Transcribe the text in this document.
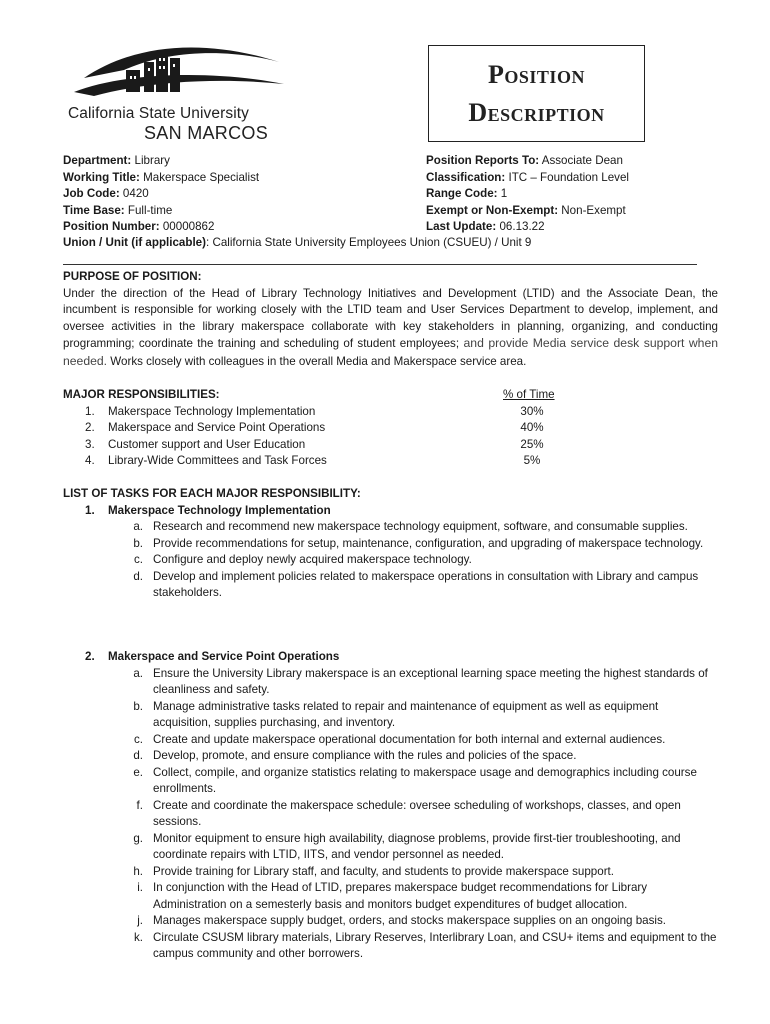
California State University
SAN MARCOS
Position
Description
Department: Library
Working Title: Makerspace Specialist
Job Code: 0420
Time Base: Full-time
Position Number: 00000862
Position Reports To: Associate Dean
Classification: ITC – Foundation Level
Range Code: 1
Exempt or Non-Exempt: Non-Exempt
Last Update: 06.13.22
Union / Unit (if applicable): California State University Employees Union (CSUEU) / Unit 9
PURPOSE OF POSITION:
Under the direction of the Head of Library Technology Initiatives and Development (LTID) and the Associate Dean, the incumbent is responsible for working closely with the LTID team and User Services Department to develop, implement, and oversee activities in the library makerspace collaborate with key stakeholders in planning, organizing, and conducting programming; coordinate the training and scheduling of student employees; and provide Media service desk support when needed. Works closely with colleagues in the overall Media and Makerspace service area.
MAJOR RESPONSIBILITIES:	% of Time
1. Makerspace Technology Implementation	30%
2. Makerspace and Service Point Operations	40%
3. Customer support and User Education	25%
4. Library-Wide Committees and Task Forces	5%
LIST OF TASKS FOR EACH MAJOR RESPONSIBILITY:
1. Makerspace Technology Implementation
a. Research and recommend new makerspace technology equipment, software, and consumable supplies.
b. Provide recommendations for setup, maintenance, configuration, and upgrading of makerspace technology.
c. Configure and deploy newly acquired makerspace technology.
d. Develop and implement policies related to makerspace operations in consultation with Library and campus stakeholders.
2. Makerspace and Service Point Operations
a. Ensure the University Library makerspace is an exceptional learning space meeting the highest standards of cleanliness and safety.
b. Manage administrative tasks related to repair and maintenance of equipment as well as equipment acquisition, supplies purchasing, and inventory.
c. Create and update makerspace operational documentation for both internal and external audiences.
d. Develop, promote, and ensure compliance with the rules and policies of the space.
e. Collect, compile, and organize statistics relating to makerspace usage and demographics including course enrollments.
f. Create and coordinate the makerspace schedule: oversee scheduling of workshops, classes, and open sessions.
g. Monitor equipment to ensure high availability, diagnose problems, provide first-tier troubleshooting, and coordinate repairs with LTID, IITS, and vendor personnel as needed.
h. Provide training for Library staff, and faculty, and students to provide makerspace support.
i. In conjunction with the Head of LTID, prepares makerspace budget recommendations for Library Administration on a semesterly basis and monitors budget expenditures of budget allocation.
j. Manages makerspace supply budget, orders, and stocks makerspace supplies on an ongoing basis.
k. Circulate CSUSM library materials, Library Reserves, Interlibrary Loan, and CSU+ items and equipment to the campus community and other borrowers.
